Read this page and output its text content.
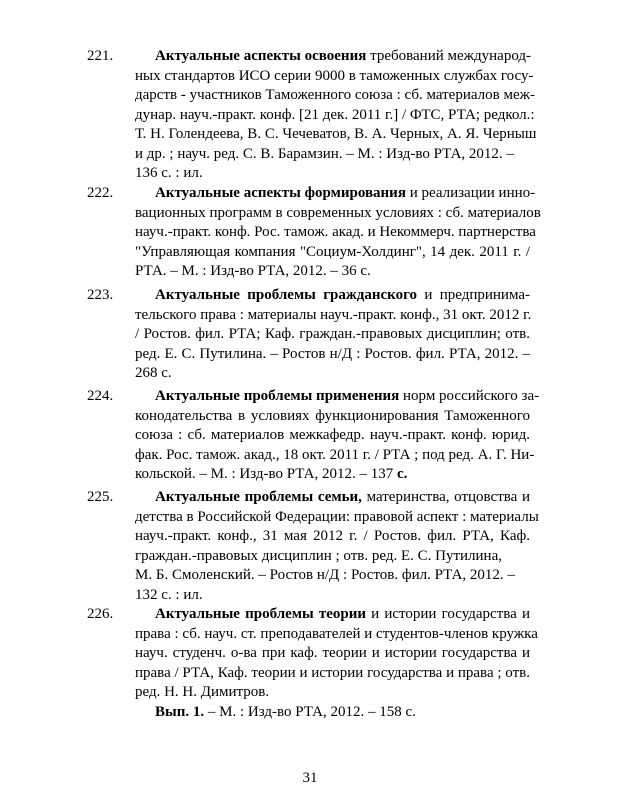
221.	Актуальные аспекты освоения требований международ-
ных стандартов ИСО серии 9000 в таможенных службах госу-
дарств - участников Таможенного союза : сб. материалов меж-
дунар. науч.-практ. конф. [21 дек. 2011 г.] / ФТС, РТА; редкол.:
Т. Н. Голендеева, В. С. Чечеватов, В. А. Черных, А. Я. Черныш
и др. ; науч. ред. С. В. Барамзин. – М. : Изд-во РТА, 2012. –
136 с. : ил.
222.	Актуальные аспекты формирования и реализации инно-
вационных программ в современных условиях : сб. материалов
науч.-практ. конф. Рос. тамож. акад. и Некоммерч. партнерства
"Управляющая компания "Социум-Холдинг", 14 дек. 2011 г. /
РТА. – М. : Изд-во РТА, 2012. – 36 с.
223.	Актуальные проблемы гражданского и предпринима-
тельского права : материалы науч.-практ. конф., 31 окт. 2012 г.
/ Ростов. фил. РТА; Каф. граждан.-правовых дисциплин; отв.
ред. Е. С. Путилина. – Ростов н/Д : Ростов. фил. РТА, 2012. –
268 с.
224.	Актуальные проблемы применения норм российского за-
конодательства в условиях функционирования Таможенного
союза : сб. материалов межкафедр. науч.-практ. конф. юрид.
фак. Рос. тамож. акад., 18 окт. 2011 г. / РТА ; под ред. А. Г. Ни-
кольской. – М. : Изд-во РТА, 2012. – 137 с.
225.	Актуальные проблемы семьи, материнства, отцовства и
детства в Российской Федерации: правовой аспект : материалы
науч.-практ. конф., 31 мая 2012 г. / Ростов. фил. РТА, Каф.
граждан.-правовых дисциплин ; отв. ред. Е. С. Путилина,
М. Б. Смоленский. – Ростов н/Д : Ростов. фил. РТА, 2012. –
132 с. : ил.
226.	Актуальные проблемы теории и истории государства и
права : сб. науч. ст. преподавателей и студентов-членов кружка
науч. студенч. о-ва при каф. теории и истории государства и
права / РТА, Каф. теории и истории государства и права ; отв.
ред. Н. Н. Димитров.
Вып. 1. – М. : Изд-во РТА, 2012. – 158 с.
31
